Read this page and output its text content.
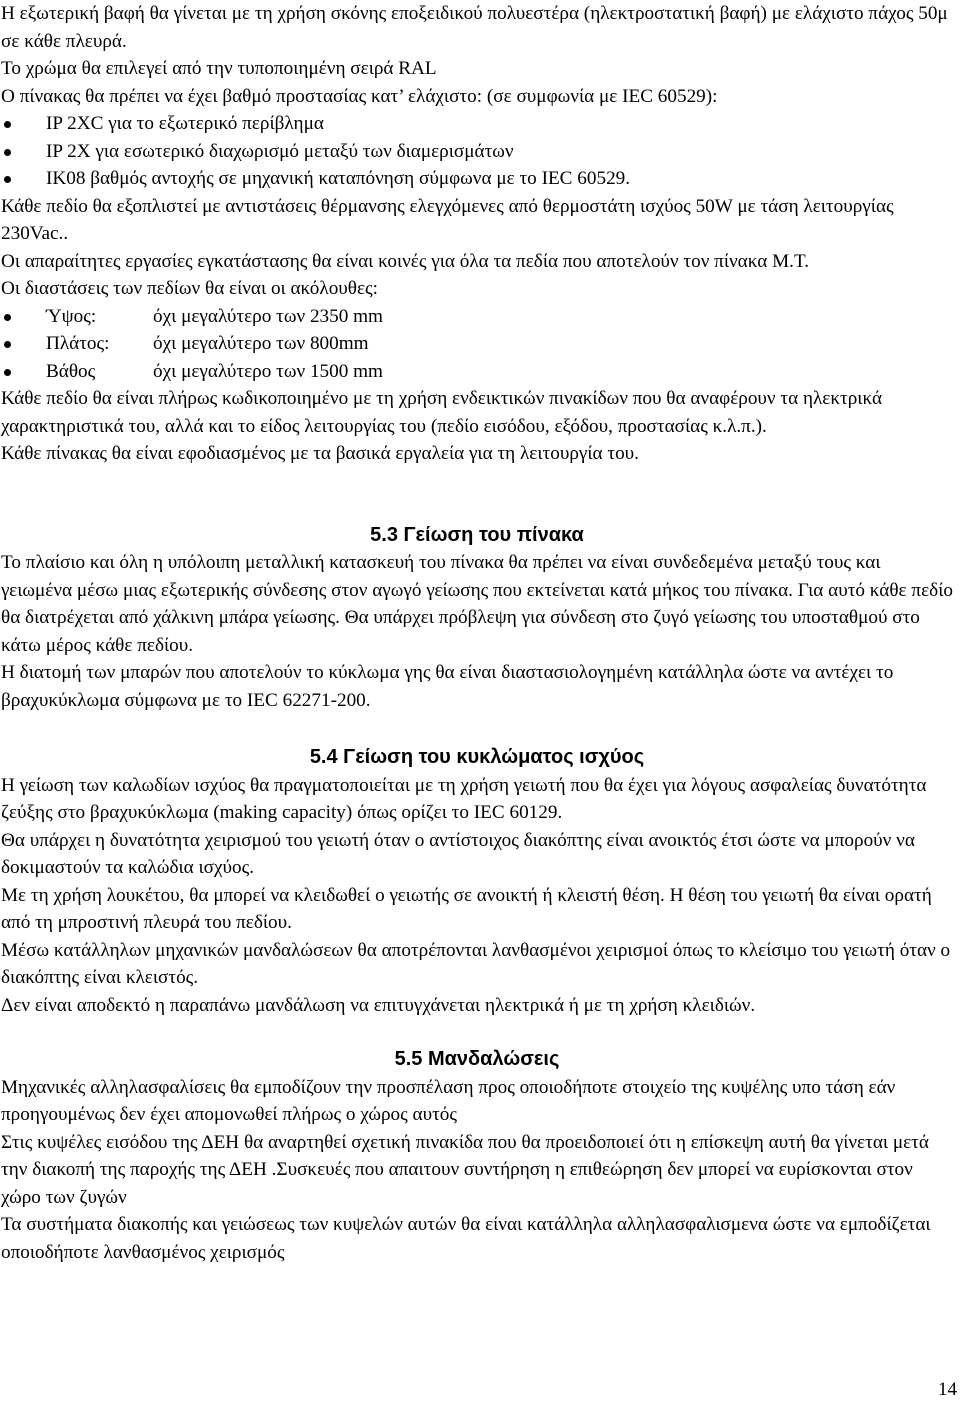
Η εξωτερική βαφή θα γίνεται με τη χρήση σκόνης εποξειδικού πολυεστέρα (ηλεκτροστατική βαφή) με ελάχιστο πάχος 50μ σε κάθε πλευρά.

Το χρώμα θα επιλεγεί από την τυποποιημένη σειρά RAL

Ο πίνακας θα πρέπει να έχει βαθμό προστασίας κατ’ ελάχιστο: (σε συμφωνία με IEC 60529):

IP 2XC για το εξωτερικό περίβλημα
IP 2X για εσωτερικό διαχωρισμό μεταξύ των διαμερισμάτων
IK08 βαθμός αντοχής σε μηχανική καταπόνηση σύμφωνα με το IEC 60529.

Κάθε πεδίο θα εξοπλιστεί με αντιστάσεις θέρμανσης ελεγχόμενες από θερμοστάτη ισχύος 50W με τάση λειτουργίας 230Vac..

Οι απαραίτητες εργασίες εγκατάστασης θα είναι κοινές για όλα τα πεδία που αποτελούν τον πίνακα Μ.Τ.

Οι διαστάσεις των πεδίων θα είναι οι ακόλουθες:

Ύψος:	όχι μεγαλύτερο των 2350 mm
Πλάτος: όχι μεγαλύτερο των 800mm
Βάθος	όχι μεγαλύτερο των 1500 mm

Κάθε πεδίο θα είναι πλήρως κωδικοποιημένο με τη χρήση ενδεικτικών πινακίδων που θα αναφέρουν τα ηλεκτρικά χαρακτηριστικά του, αλλά και το είδος λειτουργίας του (πεδίο εισόδου, εξόδου, προστασίας κ.λ.π.).

Κάθε πίνακας θα είναι εφοδιασμένος με τα βασικά εργαλεία για τη λειτουργία του.

5.3 Γείωση του πίνακα

Το πλαίσιο και όλη η υπόλοιπη μεταλλική κατασκευή του πίνακα θα πρέπει να είναι συνδεδεμένα μεταξύ τους και γειωμένα μέσω μιας εξωτερικής σύνδεσης στον αγωγό γείωσης που εκτείνεται κατά μήκος του πίνακα. Για αυτό κάθε πεδίο θα διατρέχεται από χάλκινη μπάρα γείωσης. Θα υπάρχει πρόβλεψη για σύνδεση στο ζυγό γείωσης του υποσταθμού στο κάτω μέρος κάθε πεδίου.

Η διατομή των μπαρών που αποτελούν το κύκλωμα γης θα είναι διαστασιολογημένη κατάλληλα ώστε να αντέχει το βραχυκύκλωμα σύμφωνα με το IEC 62271-200.

5.4 Γείωση του κυκλώματος ισχύος

Η γείωση των καλωδίων ισχύος θα πραγματοποιείται με τη χρήση γειωτή που θα έχει για λόγους ασφαλείας δυνατότητα ζεύξης στο βραχυκύκλωμα (making capacity) όπως ορίζει το IEC 60129.

Θα υπάρχει η δυνατότητα χειρισμού του γειωτή όταν ο αντίστοιχος διακόπτης είναι ανοικτός έτσι ώστε να μπορούν να δοκιμαστούν τα καλώδια ισχύος.

Με τη χρήση λουκέτου, θα μπορεί να κλειδωθεί ο γειωτής σε ανοικτή ή κλειστή θέση. Η θέση του γειωτή θα είναι ορατή από τη μπροστινή πλευρά του πεδίου.

Μέσω κατάλληλων μηχανικών μανδαλώσεων θα αποτρέπονται λανθασμένοι χειρισμοί όπως το κλείσιμο του γειωτή όταν ο διακόπτης είναι κλειστός.

Δεν είναι αποδεκτό η παραπάνω μανδάλωση να επιτυγχάνεται ηλεκτρικά ή με τη χρήση κλειδιών.

5.5 Μανδαλώσεις

Μηχανικές αλληλασφαλίσεις θα εμποδίζουν την προσπέλαση προς οποιοδήποτε στοιχείο της κυψέλης υπο τάση εάν προηγουμένως δεν έχει απομονωθεί πλήρως ο χώρος αυτός

Στις κυψέλες εισόδου της ΔΕΗ θα αναρτηθεί σχετική πινακίδα που θα προειδοποιεί ότι η επίσκεψη αυτή θα γίνεται μετά την διακοπή της παροχής της ΔΕΗ .Συσκευές που απαιτουν συντήρηση η επιθεώρηση δεν μπορεί να ευρίσκονται στον χώρο των ζυγών

Τα συστήματα διακοπής και γειώσεως των κυψελών αυτών θα είναι κατάλληλα αλληλασφαλισμενα ώστε να εμποδίζεται οποιοδήποτε λανθασμένος χειρισμός

14
